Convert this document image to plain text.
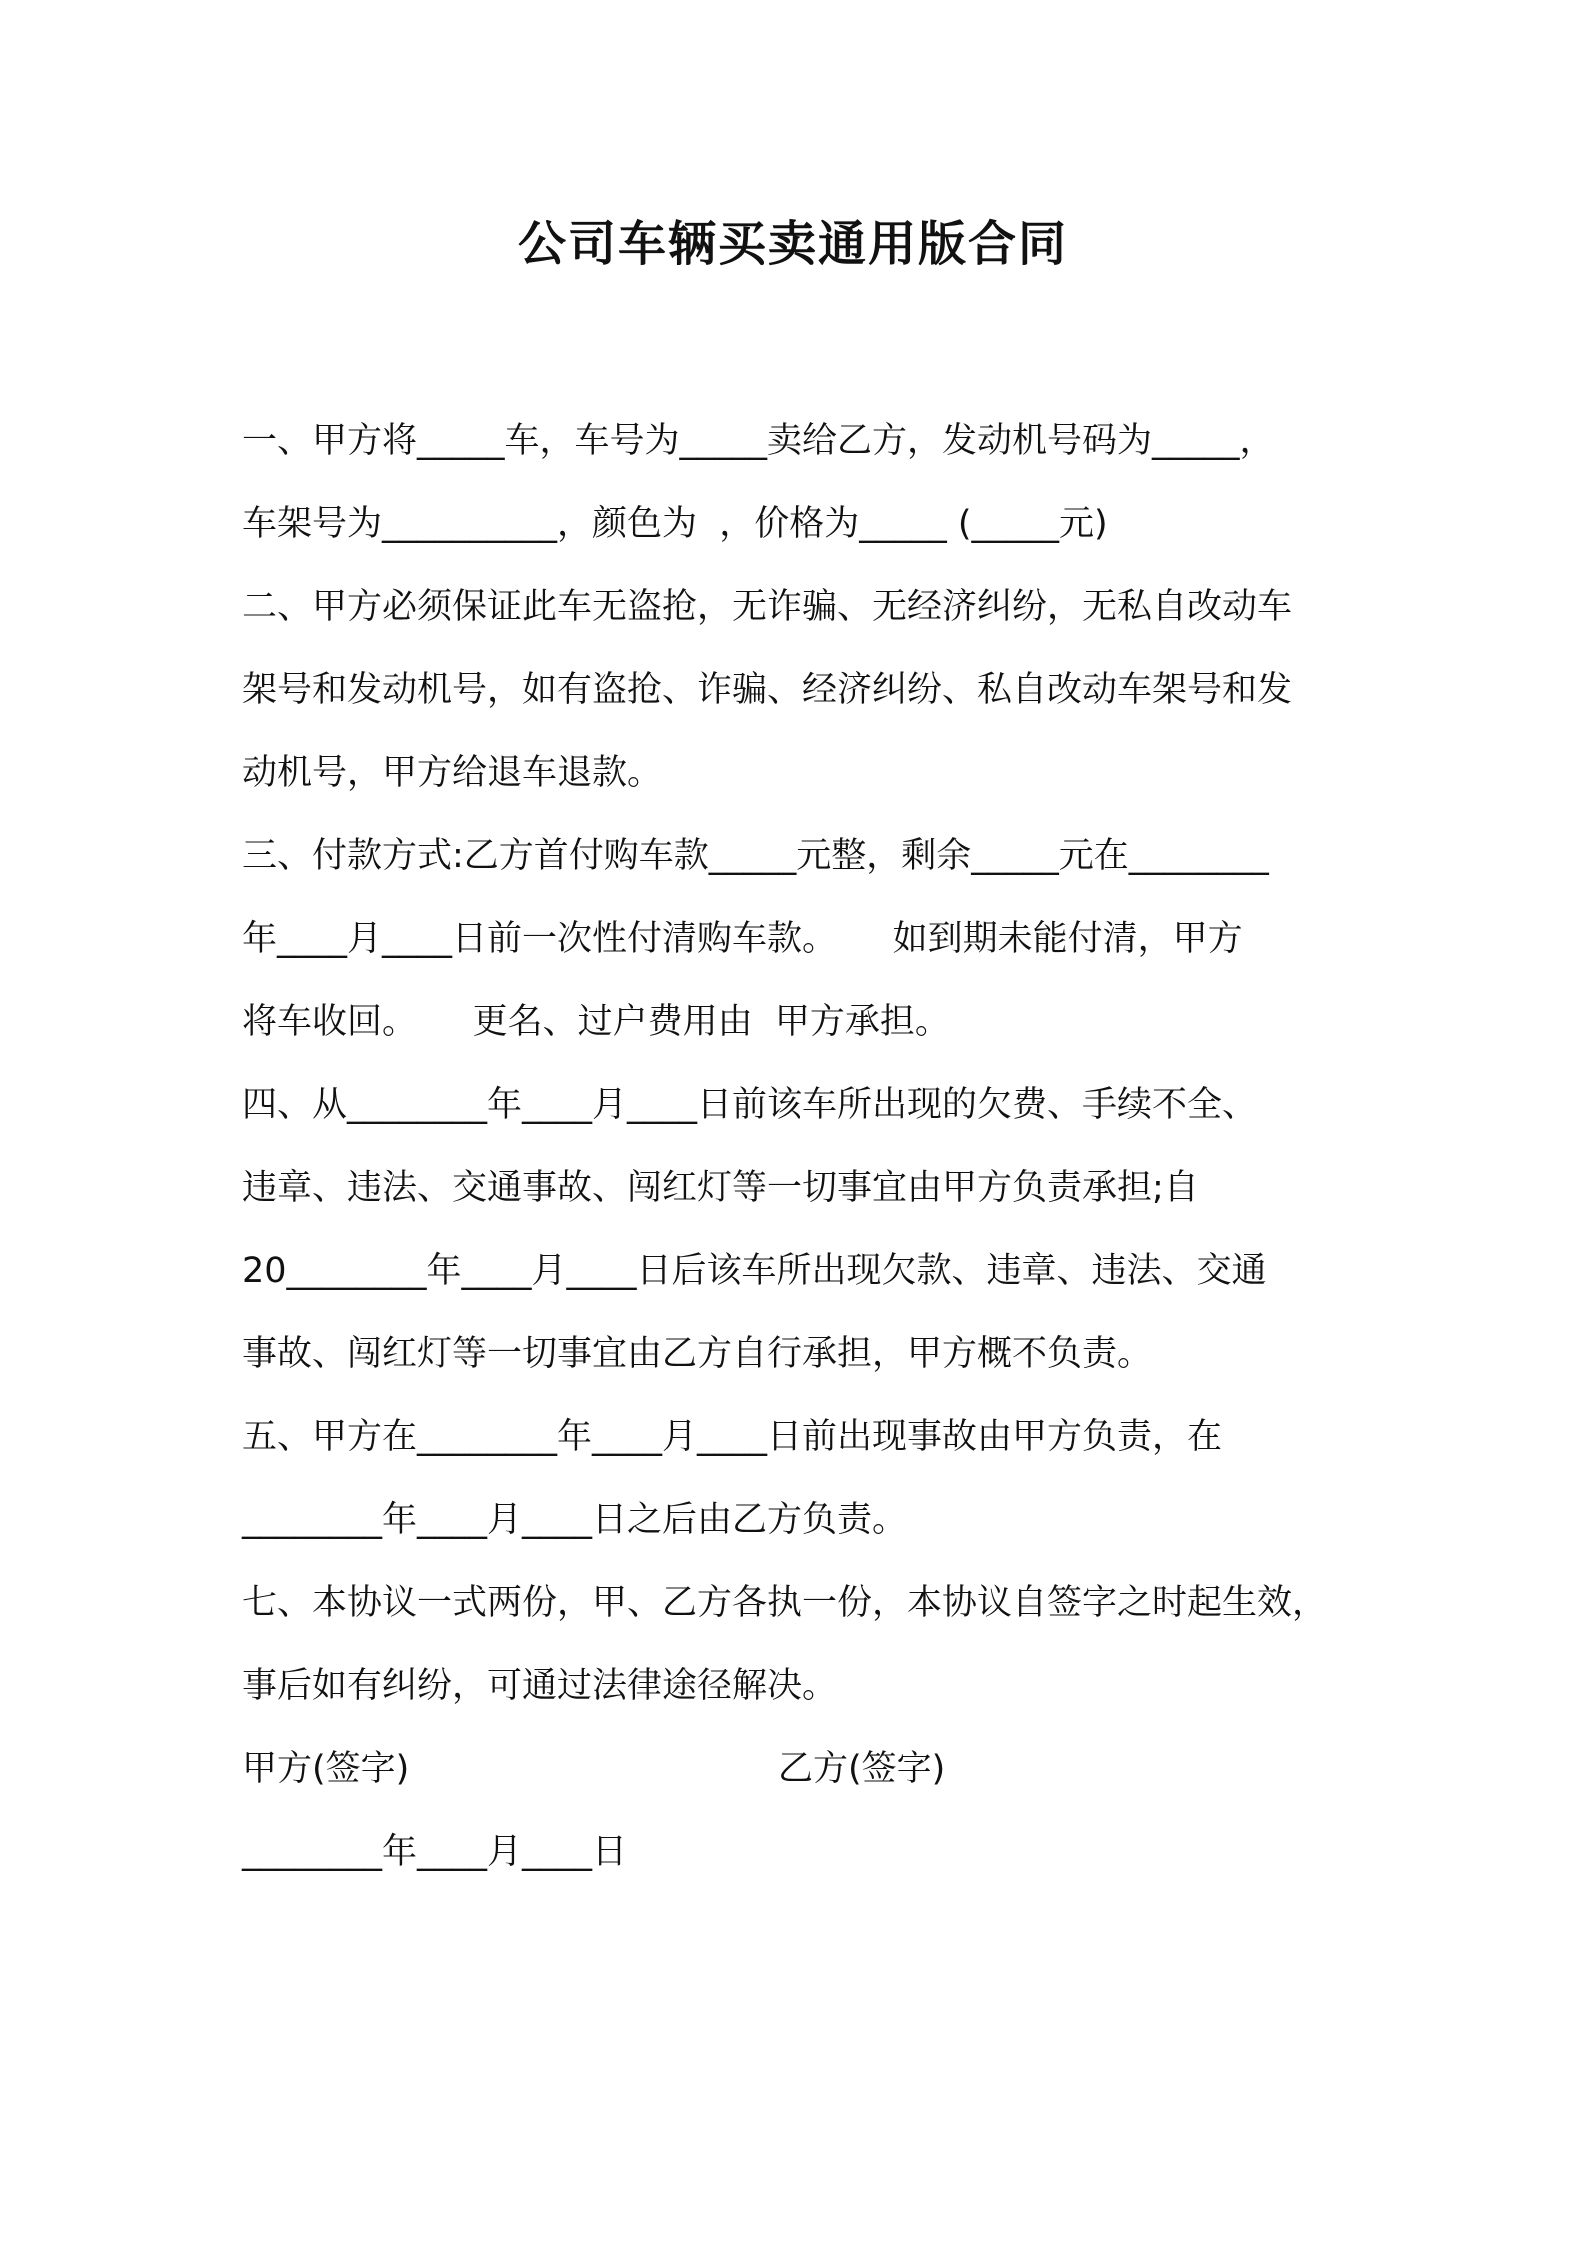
公司车辆买卖通用版合同

一、甲方将_____车，车号为_____卖给乙方，发动机号码为_____，

车架号为__________，颜色为  ，价格为_____ (_____元)

二、甲方必须保证此车无盗抢，无诈骗、无经济纠纷，无私自改动车

架号和发动机号，如有盗抢、诈骗、经济纠纷、私自改动车架号和发

动机号，甲方给退车退款。

三、付款方式:乙方首付购车款_____元整，剩余_____元在________

年____月____日前一次性付清购车款。     如到期未能付清，甲方

将车收回。     更名、过户费用由  甲方承担。

四、从________年____月____日前该车所出现的欠费、手续不全、

违章、违法、交通事故、闯红灯等一切事宜由甲方负责承担;自

20________年____月____日后该车所出现欠款、违章、违法、交通

事故、闯红灯等一切事宜由乙方自行承担，甲方概不负责。

五、甲方在________年____月____日前出现事故由甲方负责，在

________年____月____日之后由乙方负责。

七、本协议一式两份，甲、乙方各执一份，本协议自签字之时起生效，

事后如有纠纷，可通过法律途径解决。

甲方(签字)

	乙方(签字)

________年____月____日
